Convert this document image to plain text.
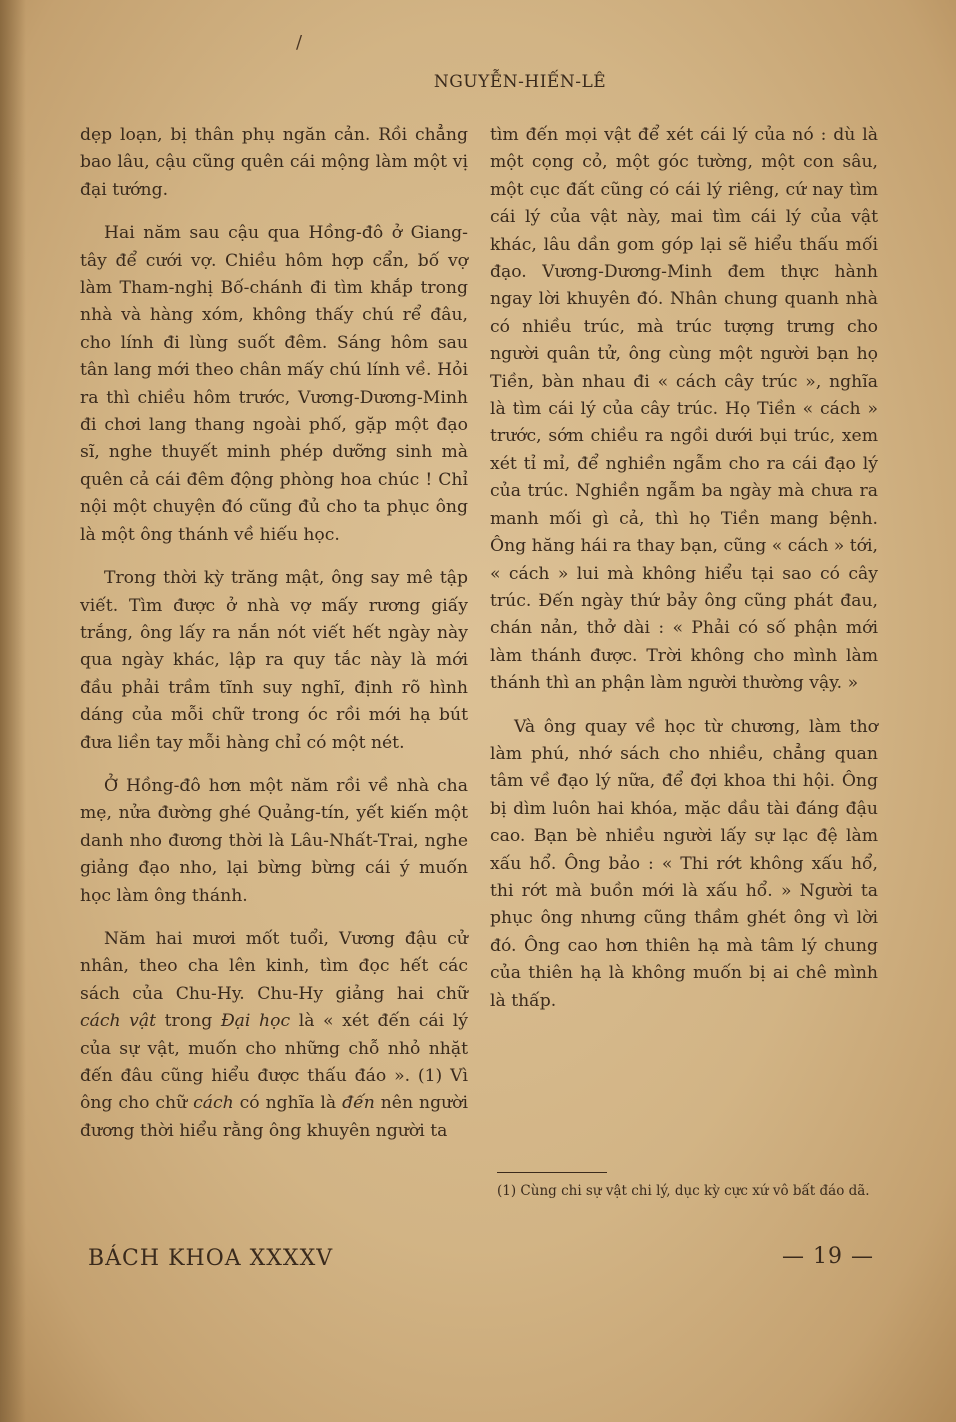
/
NGUYỄN-HIẾN-LÊ

dẹp loạn, bị thân phụ ngăn cản. Rồi chẳng bao lâu, cậu cũng quên cái mộng làm một vị đại tướng.

Hai năm sau cậu qua Hồng-đô ở Giang-tây để cưới vợ. Chiều hôm hợp cẩn, bố vợ làm Tham-nghị Bố-chánh đi tìm khắp trong nhà và hàng xóm, không thấy chú rể đâu, cho lính đi lùng suốt đêm. Sáng hôm sau tân lang mới theo chân mấy chú lính về. Hỏi ra thì chiều hôm trước, Vương-Dương-Minh đi chơi lang thang ngoài phố, gặp một đạo sĩ, nghe thuyết minh phép dưỡng sinh mà quên cả cái đêm động phòng hoa chúc ! Chỉ nội một chuyện đó cũng đủ cho ta phục ông là một ông thánh về hiếu học.

Trong thời kỳ trăng mật, ông say mê tập viết. Tìm được ở nhà vợ mấy rương giấy trắng, ông lấy ra nắn nót viết hết ngày này qua ngày khác, lập ra quy tắc này là mới đầu phải trầm tĩnh suy nghĩ, định rõ hình dáng của mỗi chữ trong óc rồi mới hạ bút đưa liền tay mỗi hàng chỉ có một nét.

Ở Hồng-đô hơn một năm rồi về nhà cha mẹ, nửa đường ghé Quảng-tín, yết kiến một danh nho đương thời là Lâu-Nhất-Trai, nghe giảng đạo nho, lại bừng bừng cái ý muốn học làm ông thánh.

Năm hai mươi mốt tuổi, Vương đậu cử nhân, theo cha lên kinh, tìm đọc hết các sách của Chu-Hy. Chu-Hy giảng hai chữ cách vật trong Đại học là « xét đến cái lý của sự vật, muốn cho những chỗ nhỏ nhặt đến đâu cũng hiểu được thấu đáo ». (1) Vì ông cho chữ cách có nghĩa là đến nên người đương thời hiểu rằng ông khuyên người ta

tìm đến mọi vật để xét cái lý của nó : dù là một cọng cỏ, một góc tường, một con sâu, một cục đất cũng có cái lý riêng, cứ nay tìm cái lý của vật này, mai tìm cái lý của vật khác, lâu dần gom góp lại sẽ hiểu thấu mối đạo. Vương-Dương-Minh đem thực hành ngay lời khuyên đó. Nhân chung quanh nhà có nhiều trúc, mà trúc tượng trưng cho người quân tử, ông cùng một người bạn họ Tiền, bàn nhau đi « cách cây trúc », nghĩa là tìm cái lý của cây trúc. Họ Tiền « cách » trước, sớm chiều ra ngồi dưới bụi trúc, xem xét tỉ mỉ, để nghiền ngẫm cho ra cái đạo lý của trúc. Nghiền ngẫm ba ngày mà chưa ra manh mối gì cả, thì họ Tiền mang bệnh. Ông hăng hái ra thay bạn, cũng « cách » tới, « cách » lui mà không hiểu tại sao có cây trúc. Đến ngày thứ bảy ông cũng phát đau, chán nản, thở dài : « Phải có số phận mới làm thánh được. Trời không cho mình làm thánh thì an phận làm người thường vậy. »

Và ông quay về học từ chương, làm thơ làm phú, nhớ sách cho nhiều, chẳng quan tâm về đạo lý nữa, để đợi khoa thi hội. Ông bị dìm luôn hai khóa, mặc dầu tài đáng đậu cao. Bạn bè nhiều người lấy sự lạc đệ làm xấu hổ. Ông bảo : « Thi rớt không xấu hổ, thi rớt mà buồn mới là xấu hổ. » Người ta phục ông nhưng cũng thầm ghét ông vì lời đó. Ông cao hơn thiên hạ mà tâm lý chung của thiên hạ là không muốn bị ai chê mình là thấp.

(1) Cùng chi sự vật chi lý, dục kỳ cực xứ vô bất đáo dã.
BÁCH KHOA XXXXV	— 19 —
